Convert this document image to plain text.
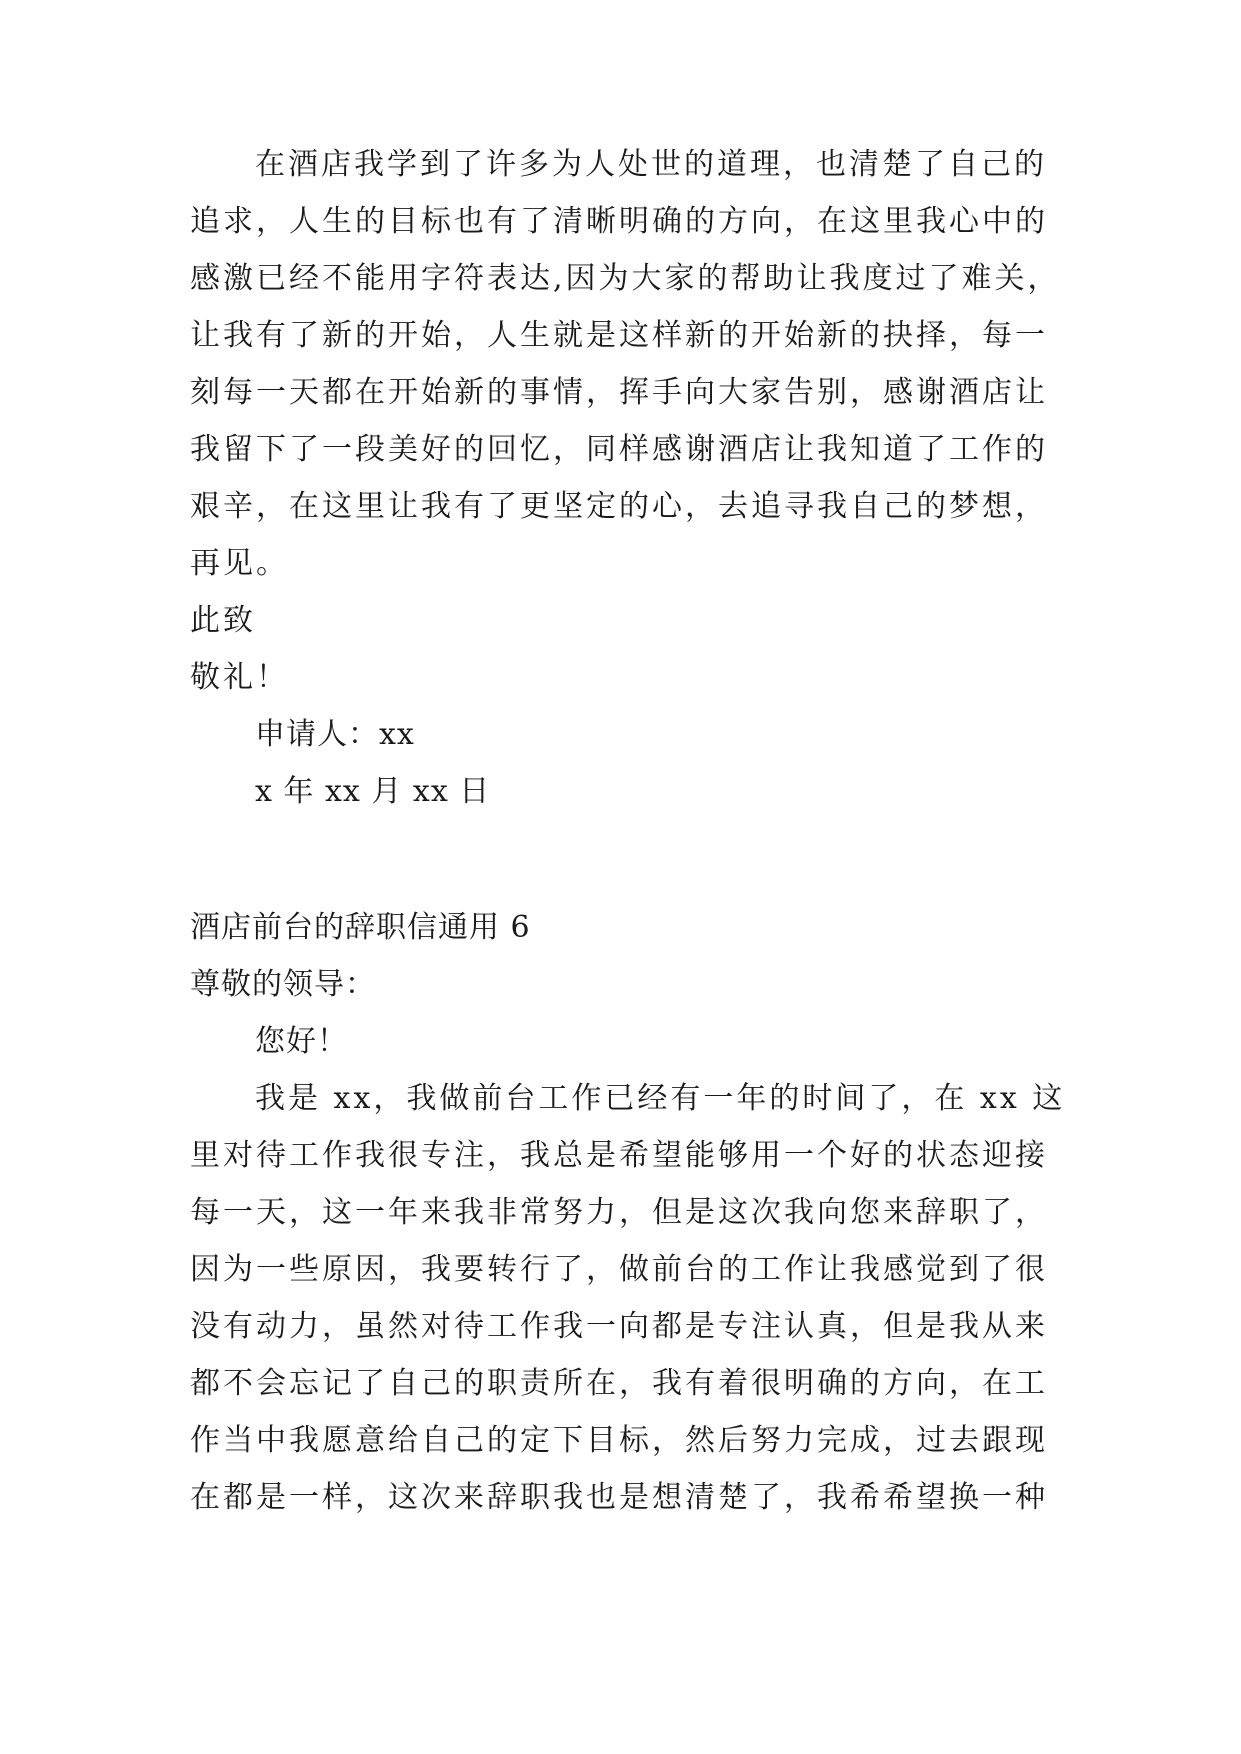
在酒店我学到了许多为人处世的道理，也清楚了自己的
追求，人生的目标也有了清晰明确的方向，在这里我心中的
感激已经不能用字符表达,因为大家的帮助让我度过了难关，
让我有了新的开始，人生就是这样新的开始新的抉择，每一
刻每一天都在开始新的事情，挥手向大家告别，感谢酒店让
我留下了一段美好的回忆，同样感谢酒店让我知道了工作的
艰辛，在这里让我有了更坚定的心，去追寻我自己的梦想，
再见。
此致
敬礼！
申请人：xx
x 年 xx 月 xx 日
酒店前台的辞职信通用 6
尊敬的领导：
您好！
我是 xx，我做前台工作已经有一年的时间了，在 xx 这
里对待工作我很专注，我总是希望能够用一个好的状态迎接
每一天，这一年来我非常努力，但是这次我向您来辞职了，
因为一些原因，我要转行了，做前台的工作让我感觉到了很
没有动力，虽然对待工作我一向都是专注认真，但是我从来
都不会忘记了自己的职责所在，我有着很明确的方向，在工
作当中我愿意给自己的定下目标，然后努力完成，过去跟现
在都是一样，这次来辞职我也是想清楚了，我希希望换一种
